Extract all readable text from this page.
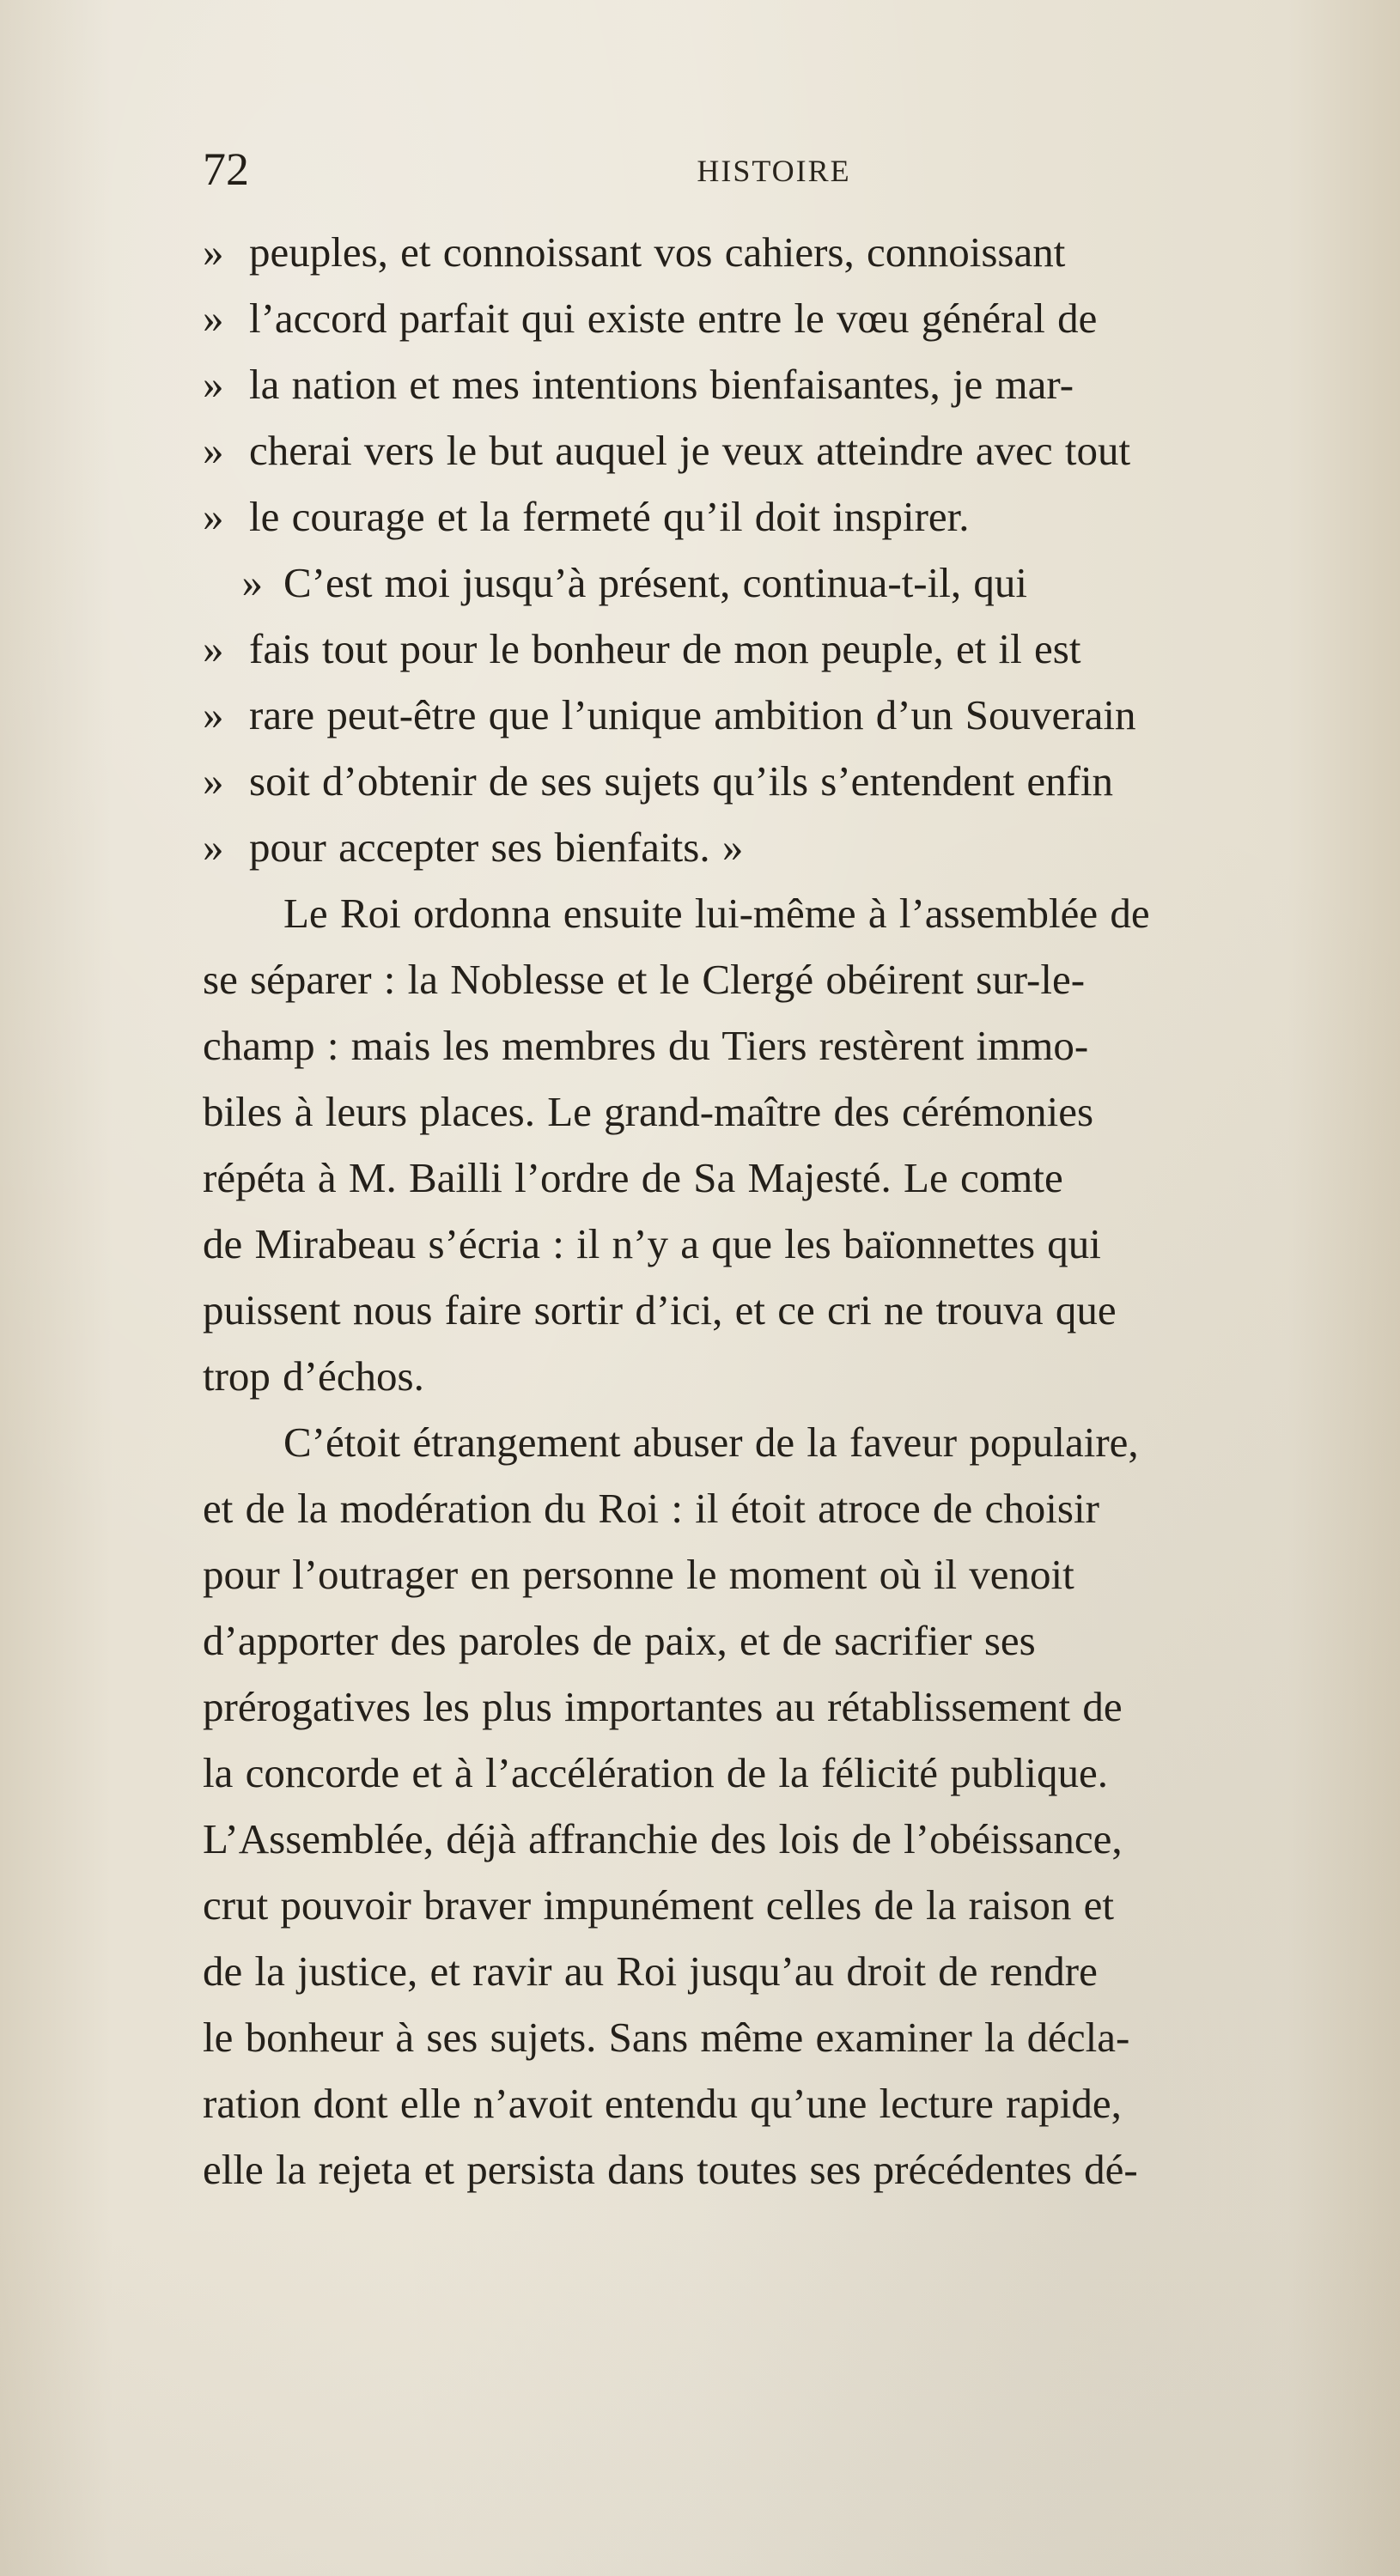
72	HISTOIRE
» peuples, et connoissant vos cahiers, connoissant
» l’accord parfait qui existe entre le vœu général de
» la nation et mes intentions bienfaisantes, je mar-
» cherai vers le but auquel je veux atteindre avec tout
» le courage et la fermeté qu’il doit inspirer.
» C’est moi jusqu’à présent, continua-t-il, qui
» fais tout pour le bonheur de mon peuple, et il est
» rare peut-être que l’unique ambition d’un Souverain
» soit d’obtenir de ses sujets qu’ils s’entendent enfin
» pour accepter ses bienfaits. »
Le Roi ordonna ensuite lui-même à l’assemblée de
se séparer : la Noblesse et le Clergé obéirent sur-le-
champ : mais les membres du Tiers restèrent immo-
biles à leurs places. Le grand-maître des cérémonies
répéta à M. Bailli l’ordre de Sa Majesté. Le comte
de Mirabeau s’écria : il n’y a que les baïonnettes qui
puissent nous faire sortir d’ici, et ce cri ne trouva que
trop d’échos.
C’étoit étrangement abuser de la faveur populaire,
et de la modération du Roi : il étoit atroce de choisir
pour l’outrager en personne le moment où il venoit
d’apporter des paroles de paix, et de sacrifier ses
prérogatives les plus importantes au rétablissement de
la concorde et à l’accélération de la félicité publique.
L’Assemblée, déjà affranchie des lois de l’obéissance,
crut pouvoir braver impunément celles de la raison et
de la justice, et ravir au Roi jusqu’au droit de rendre
le bonheur à ses sujets. Sans même examiner la décla-
ration dont elle n’avoit entendu qu’une lecture rapide,
elle la rejeta et persista dans toutes ses précédentes dé-
